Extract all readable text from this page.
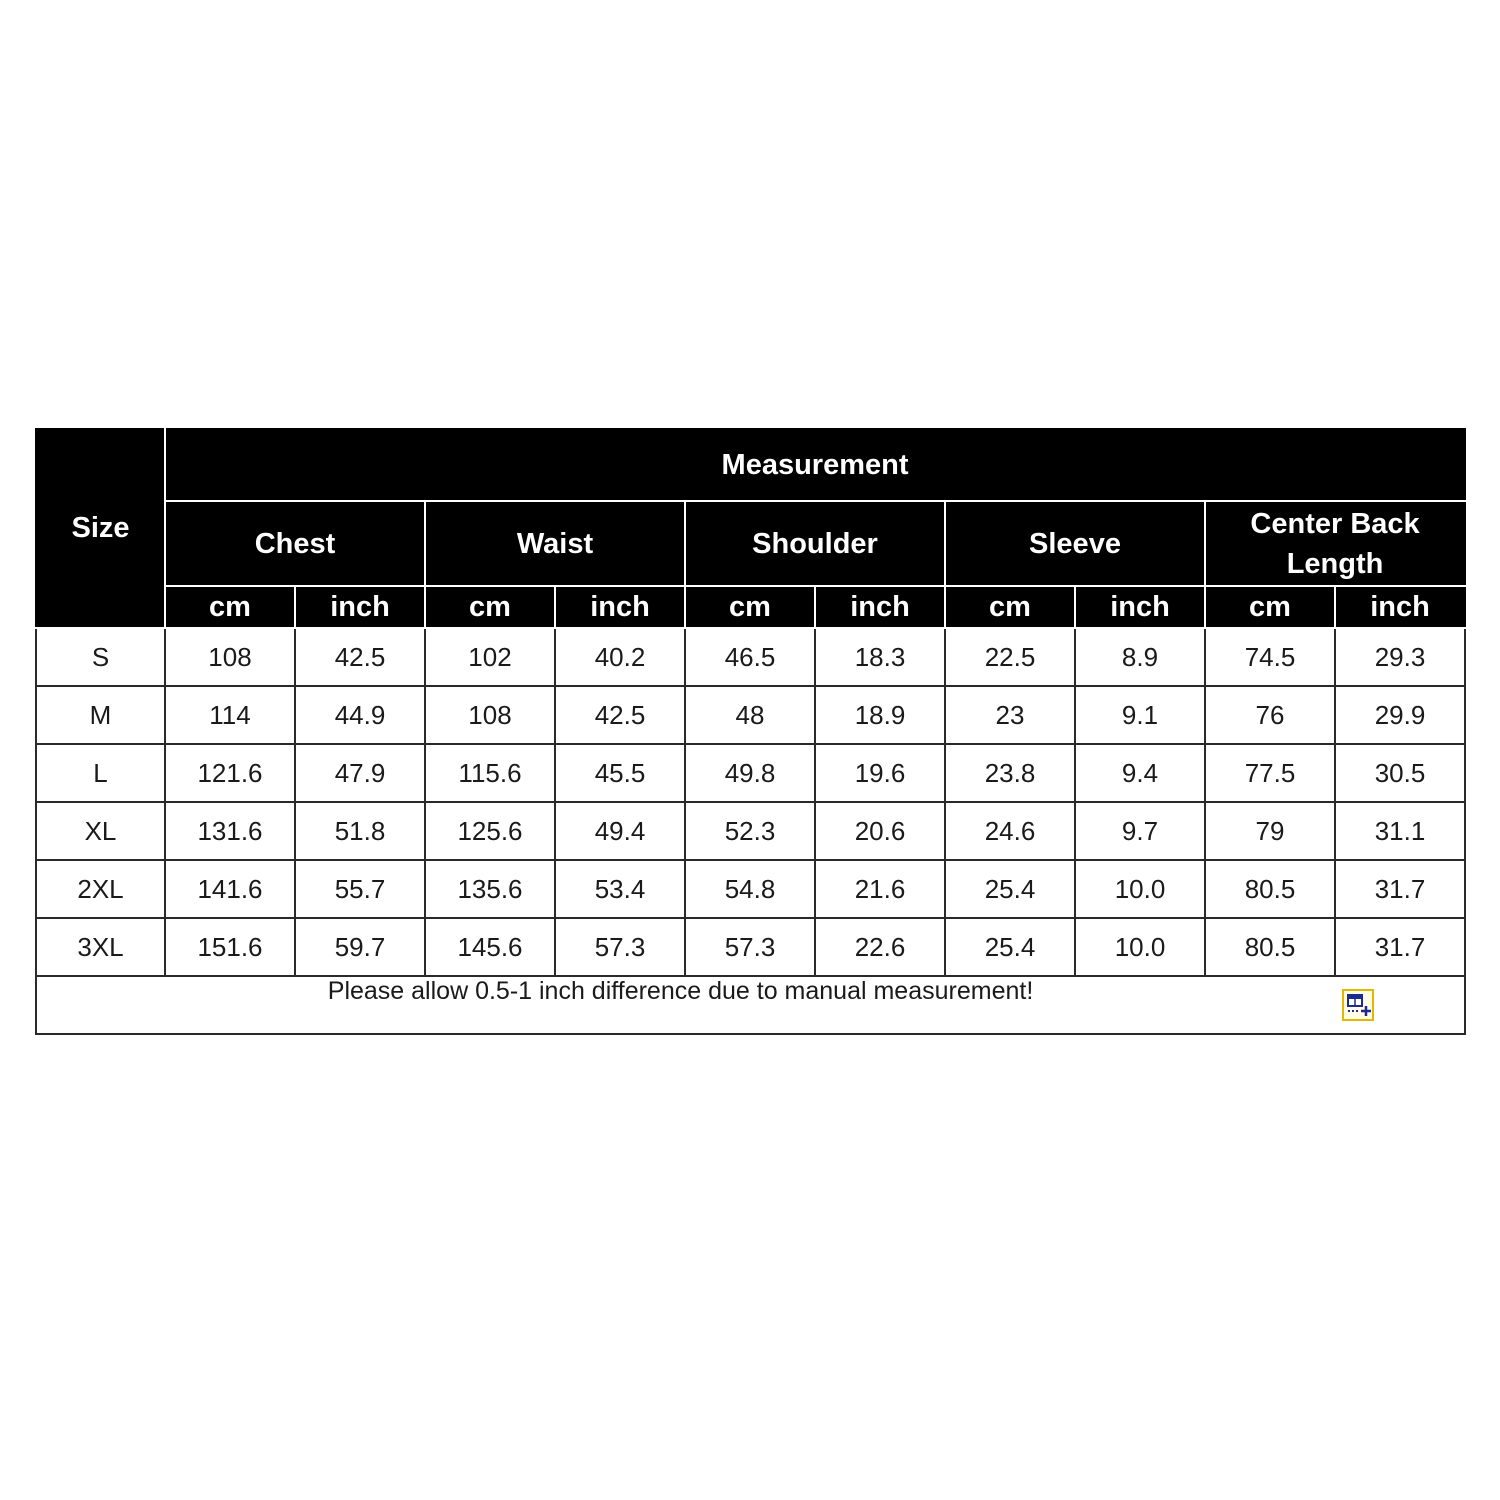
Size	Measurement									
	Chest		Waist		Shoulder		Sleeve		Center Back Length	
	cm	inch	cm	inch	cm	inch	cm	inch	cm	inch
S	108	42.5	102	40.2	46.5	18.3	22.5	8.9	74.5	29.3
M	114	44.9	108	42.5	48	18.9	23	9.1	76	29.9
L	121.6	47.9	115.6	45.5	49.8	19.6	23.8	9.4	77.5	30.5
XL	131.6	51.8	125.6	49.4	52.3	20.6	24.6	9.7	79	31.1
2XL	141.6	55.7	135.6	53.4	54.8	21.6	25.4	10.0	80.5	31.7
3XL	151.6	59.7	145.6	57.3	57.3	22.6	25.4	10.0	80.5	31.7

Please allow 0.5-1 inch difference due to manual measurement!										
